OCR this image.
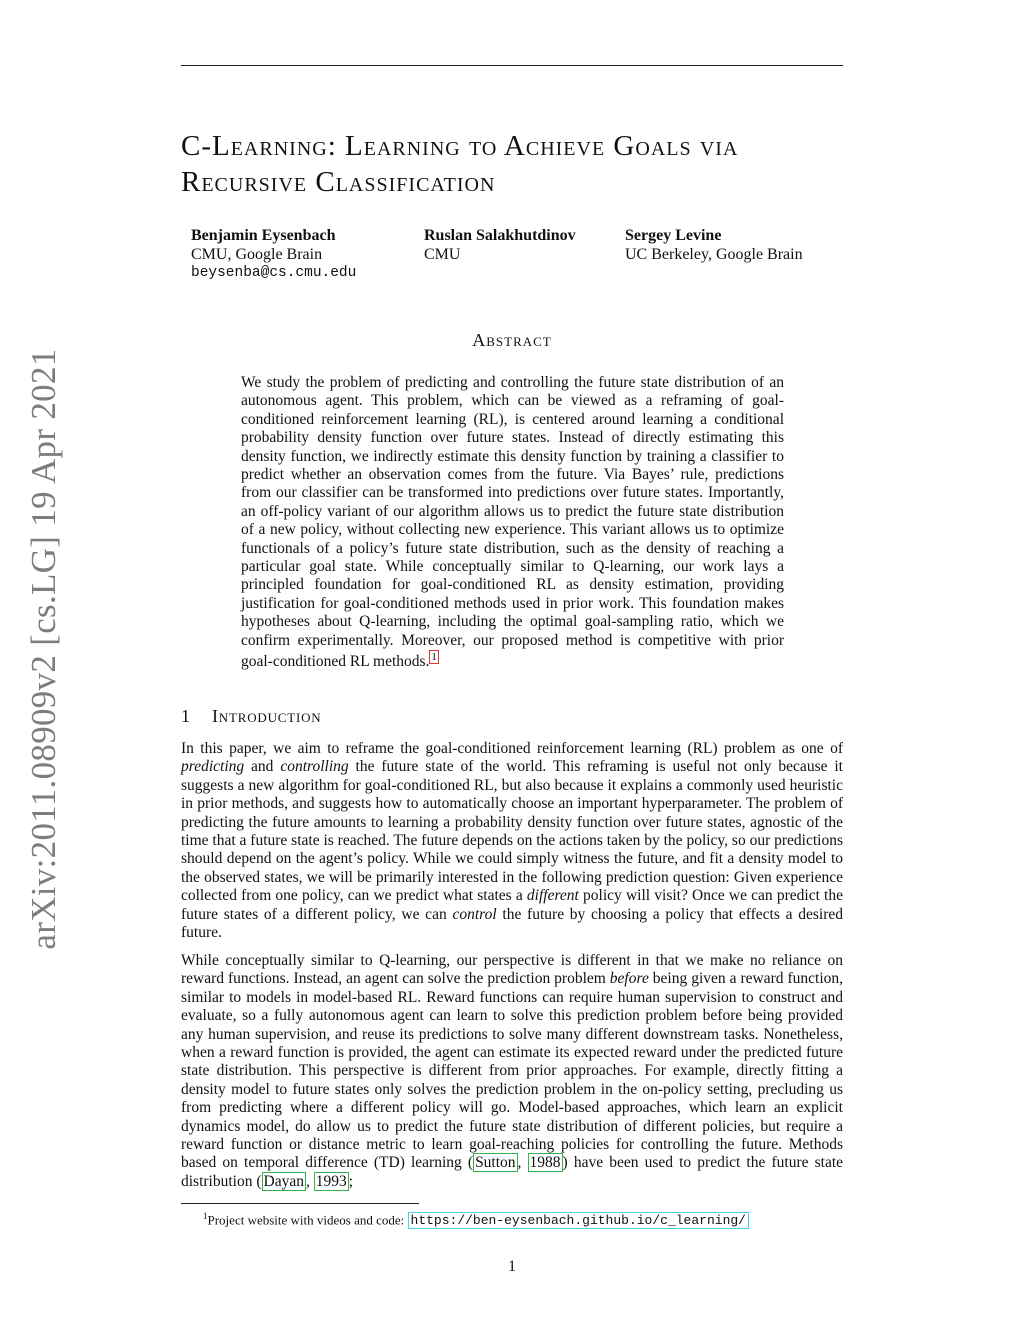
arXiv:2011.08909v2 [cs.LG] 19 Apr 2021
C-Learning: Learning to Achieve Goals via
Recursive Classification
Benjamin Eysenbach
CMU, Google Brain
beysenba@cs.cmu.edu
Ruslan Salakhutdinov
CMU
Sergey Levine
UC Berkeley, Google Brain
Abstract
We study the problem of predicting and controlling the future state distribution of an autonomous agent. This problem, which can be viewed as a reframing of goal-conditioned reinforcement learning (RL), is centered around learning a conditional probability density function over future states. Instead of directly estimating this density function, we indirectly estimate this density function by training a classifier to predict whether an observation comes from the future. Via Bayes’ rule, predictions from our classifier can be transformed into predictions over future states. Importantly, an off-policy variant of our algorithm allows us to predict the future state distribution of a new policy, without collecting new experience. This variant allows us to optimize functionals of a policy’s future state distribution, such as the density of reaching a particular goal state. While conceptually similar to Q-learning, our work lays a principled foundation for goal-conditioned RL as density estimation, providing justification for goal-conditioned methods used in prior work. This foundation makes hypotheses about Q-learning, including the optimal goal-sampling ratio, which we confirm experimentally. Moreover, our proposed method is competitive with prior goal-conditioned RL methods. 1
1 Introduction
In this paper, we aim to reframe the goal-conditioned reinforcement learning (RL) problem as one of predicting and controlling the future state of the world. This reframing is useful not only because it suggests a new algorithm for goal-conditioned RL, but also because it explains a commonly used heuristic in prior methods, and suggests how to automatically choose an important hyperparameter. The problem of predicting the future amounts to learning a probability density function over future states, agnostic of the time that a future state is reached. The future depends on the actions taken by the policy, so our predictions should depend on the agent’s policy. While we could simply witness the future, and fit a density model to the observed states, we will be primarily interested in the following prediction question: Given experience collected from one policy, can we predict what states a different policy will visit? Once we can predict the future states of a different policy, we can control the future by choosing a policy that effects a desired future.
While conceptually similar to Q-learning, our perspective is different in that we make no reliance on reward functions. Instead, an agent can solve the prediction problem before being given a reward function, similar to models in model-based RL. Reward functions can require human supervision to construct and evaluate, so a fully autonomous agent can learn to solve this prediction problem before being provided any human supervision, and reuse its predictions to solve many different downstream tasks. Nonetheless, when a reward function is provided, the agent can estimate its expected reward under the predicted future state distribution. This perspective is different from prior approaches. For example, directly fitting a density model to future states only solves the prediction problem in the on-policy setting, precluding us from predicting where a different policy will go. Model-based approaches, which learn an explicit dynamics model, do allow us to predict the future state distribution of different policies, but require a reward function or distance metric to learn goal-reaching policies for controlling the future. Methods based on temporal difference (TD) learning ( Sutton , 1988 ) have been used to predict the future state distribution ( Dayan , 1993 ;
$^1$Project website with videos and code: https://ben-eysenbach.github.io/c_learning/
1
